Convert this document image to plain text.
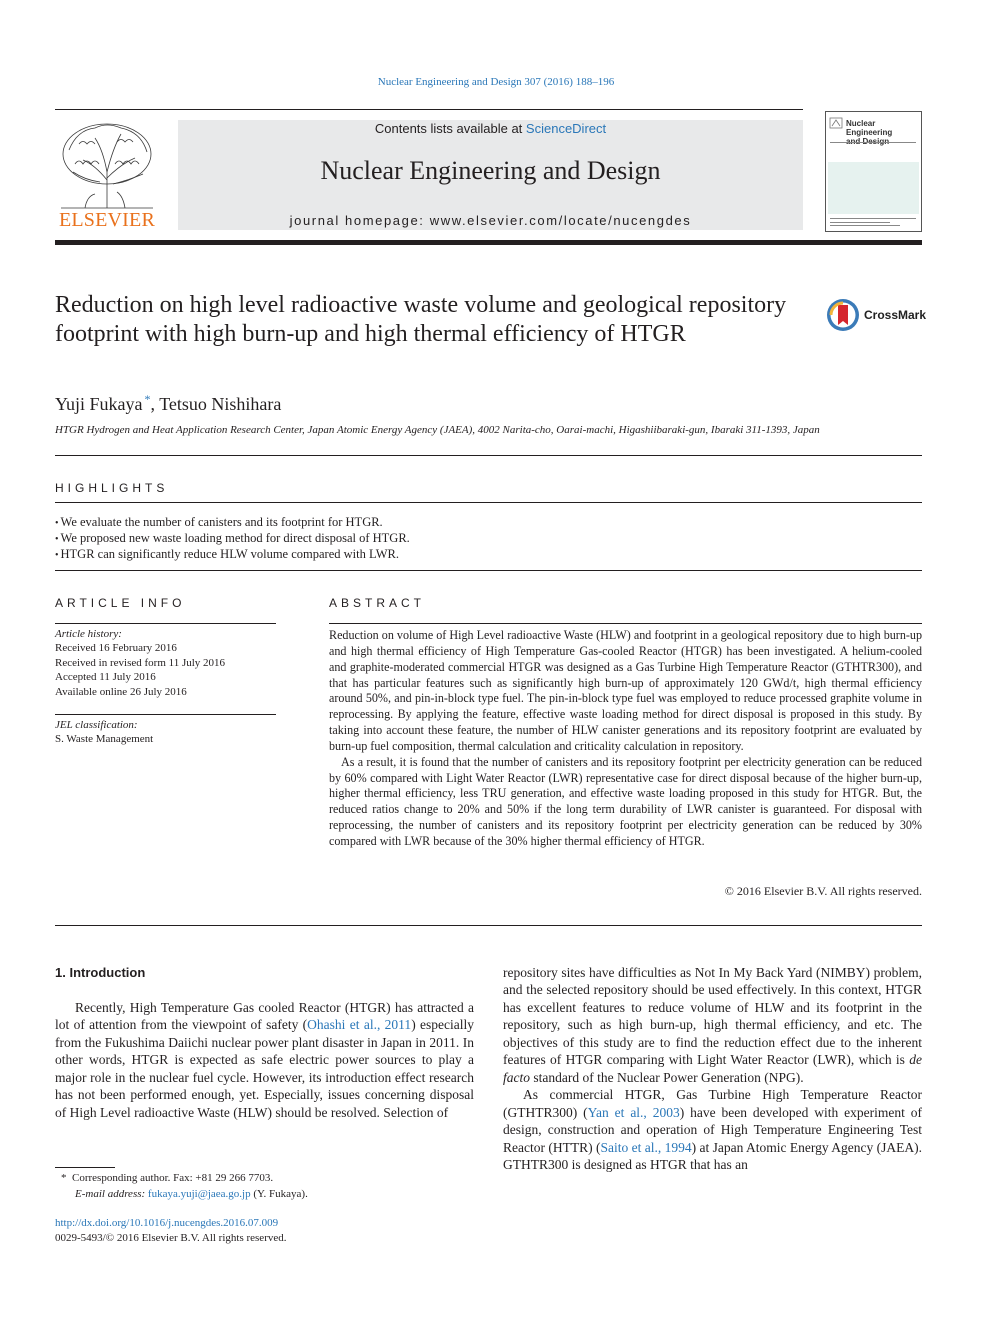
Nuclear Engineering and Design 307 (2016) 188–196
ELSEVIER
Contents lists available at ScienceDirect
Nuclear Engineering and Design
journal homepage: www.elsevier.com/locate/nucengdes
Nuclear Engineering

Reduction on high level radioactive waste volume and geological repository footprint with high burn-up and high thermal efficiency of HTGR
CrossMark
Yuji Fukaya *, Tetsuo Nishihara
HTGR Hydrogen and Heat Application Research Center, Japan Atomic Energy Agency (JAEA), 4002 Narita-cho, Oarai-machi, Higashiibaraki-gun, Ibaraki 311-1393, Japan
HIGHLIGHTS
• We evaluate the number of canisters and its footprint for HTGR.
• We proposed new waste loading method for direct disposal of HTGR.
• HTGR can significantly reduce HLW volume compared with LWR.
ARTICLE INFO
Article history:
Received 16 February 2016
Received in revised form 11 July 2016
Accepted 11 July 2016
Available online 26 July 2016
JEL classification:
S. Waste Management
ABSTRACT

Reduction on volume of High Level radioactive Waste (HLW) and footprint in a geological repository due to high burn-up and high thermal efficiency of High Temperature Gas-cooled Reactor (HTGR) has been investigated. A helium-cooled and graphite-moderated commercial HTGR was designed as a Gas Turbine High Temperature Reactor (GTHTR300), and that has particular features such as significantly high burn-up of approximately 120 GWd/t, high thermal efficiency around 50%, and pin-in-block type fuel. The pin-in-block type fuel was employed to reduce processed graphite volume in reprocessing. By applying the feature, effective waste loading method for direct disposal is proposed in this study. By taking into account these feature, the number of HLW canister generations and its repository footprint are evaluated by burn-up fuel composition, thermal calculation and criticality calculation in repository.

As a result, it is found that the number of canisters and its repository footprint per electricity generation can be reduced by 60% compared with Light Water Reactor (LWR) representative case for direct disposal because of the higher burn-up, higher thermal efficiency, less TRU generation, and effective waste loading proposed in this study for HTGR. But, the reduced ratios change to 20% and 50% if the long term durability of LWR canister is guaranteed. For disposal with reprocessing, the number of canisters and its repository footprint per electricity generation can be reduced by 30% compared with LWR because of the 30% higher thermal efficiency of HTGR.

© 2016 Elsevier B.V. All rights reserved.
1. Introduction

Recently, High Temperature Gas cooled Reactor (HTGR) has attracted a lot of attention from the viewpoint of safety (Ohashi et al., 2011) especially from the Fukushima Daiichi nuclear power plant disaster in Japan in 2011. In other words, HTGR is expected as safe electric power sources to play a major role in the nuclear fuel cycle. However, its introduction effect research has not been performed enough, yet. Especially, issues concerning disposal of High Level radioactive Waste (HLW) should be resolved. Selection of

repository sites have difficulties as Not In My Back Yard (NIMBY) problem, and the selected repository should be used effectively. In this context, HTGR has excellent features to reduce volume of HLW and its footprint in the repository, such as high burn-up, high thermal efficiency, and etc. The objectives of this study are to find the reduction effect due to the inherent features of HTGR comparing with Light Water Reactor (LWR), which is de facto standard of the Nuclear Power Generation (NPG).

As commercial HTGR, Gas Turbine High Temperature Reactor (GTHTR300) (Yan et al., 2003) have been developed with experiment of design, construction and operation of High Temperature Engineering Test Reactor (HTTR) (Saito et al., 1994) at Japan Atomic Energy Agency (JAEA). GTHTR300 is designed as HTGR that has an

* Corresponding author. Fax: +81 29 266 7703.
E-mail address: fukaya.yuji@jaea.go.jp (Y. Fukaya).
http://dx.doi.org/10.1016/j.nucengdes.2016.07.009
0029-5493/© 2016 Elsevier B.V. All rights reserved.
